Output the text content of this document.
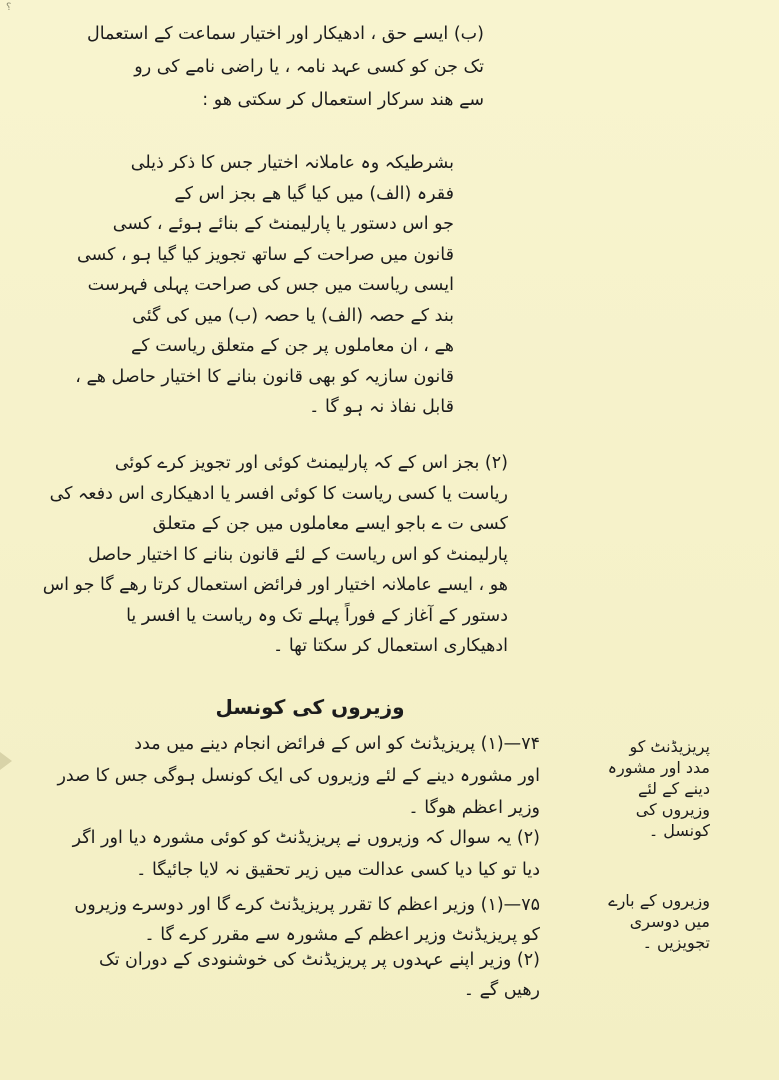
؟

(ب) ایسے حق ، ادھیکار اور اختیار سماعت کے استعمال

تک جن کو کسی عہد نامہ ، یا راضی نامے کی رو

سے ھند سرکار استعمال کر سکتی ھو :

بشرطیکہ وہ عاملانہ اختیار جس کا ذکر ذیلی

فقرہ (الف) میں کیا گیا ھے بجز اس کے

جو اس دستور یا پارلیمنٹ کے بنائے ہوئے ، کسی

قانون میں صراحت کے ساتھ تجویز کیا گیا ہو ، کسی

ایسی ریاست میں جس کی صراحت پہلی فہرست

بند کے حصہ (الف) یا حصہ (ب) میں کی گئی

ھے ، ان معاملوں پر جن کے متعلق ریاست کے

قانون سازیہ کو بھی قانون بنانے کا اختیار حاصل ھے ،

قابل نفاذ نہ ہو گا ۔

(۲) بجز اس کے کہ پارلیمنٹ کوئی اور تجویز کرے کوئی

ریاست یا کسی ریاست کا کوئی افسر یا ادھیکاری اس دفعہ کی

کسی ت ے باجو ایسے معاملوں میں جن کے متعلق

پارلیمنٹ کو اس ریاست کے لئے قانون بنانے کا اختیار حاصل

ھو ، ایسے عاملانہ اختیار اور فرائض استعمال کرتا رھے گا جو اس

دستور کے آغاز کے فوراً پہلے تک وہ ریاست یا افسر یا

ادھیکاری استعمال کر سکتا تھا ۔

وزیروں کی کونسل

۷۴—(۱) پریزیڈنٹ کو اس کے فرائض انجام دینے میں مدد

اور مشورہ دینے کے لئے وزیروں کی ایک کونسل ہوگی جس کا صدر

وزیر اعظم ھوگا ۔

(۲) یہ سوال کہ وزیروں نے پریزیڈنٹ کو کوئی مشورہ دیا اور اگر

دیا تو کیا دیا کسی عدالت میں زیر تحقیق نہ لایا جائیگا ۔

۷۵—(۱) وزیر اعظم کا تقرر پریزیڈنٹ کرے گا اور دوسرے وزیروں

کو پریزیڈنٹ وزیر اعظم کے مشورہ سے مقرر کرے گا ۔

(۲) وزیر اپنے عہدوں پر پریزیڈنٹ کی خوشنودی کے دوران تک

رھیں گے ۔

پریزیڈنٹ کو
مدد اور مشورہ
دینے کے لئے
وزیروں کی
کونسل ۔
وزیروں کے بارے
میں دوسری
تجویزیں ۔
